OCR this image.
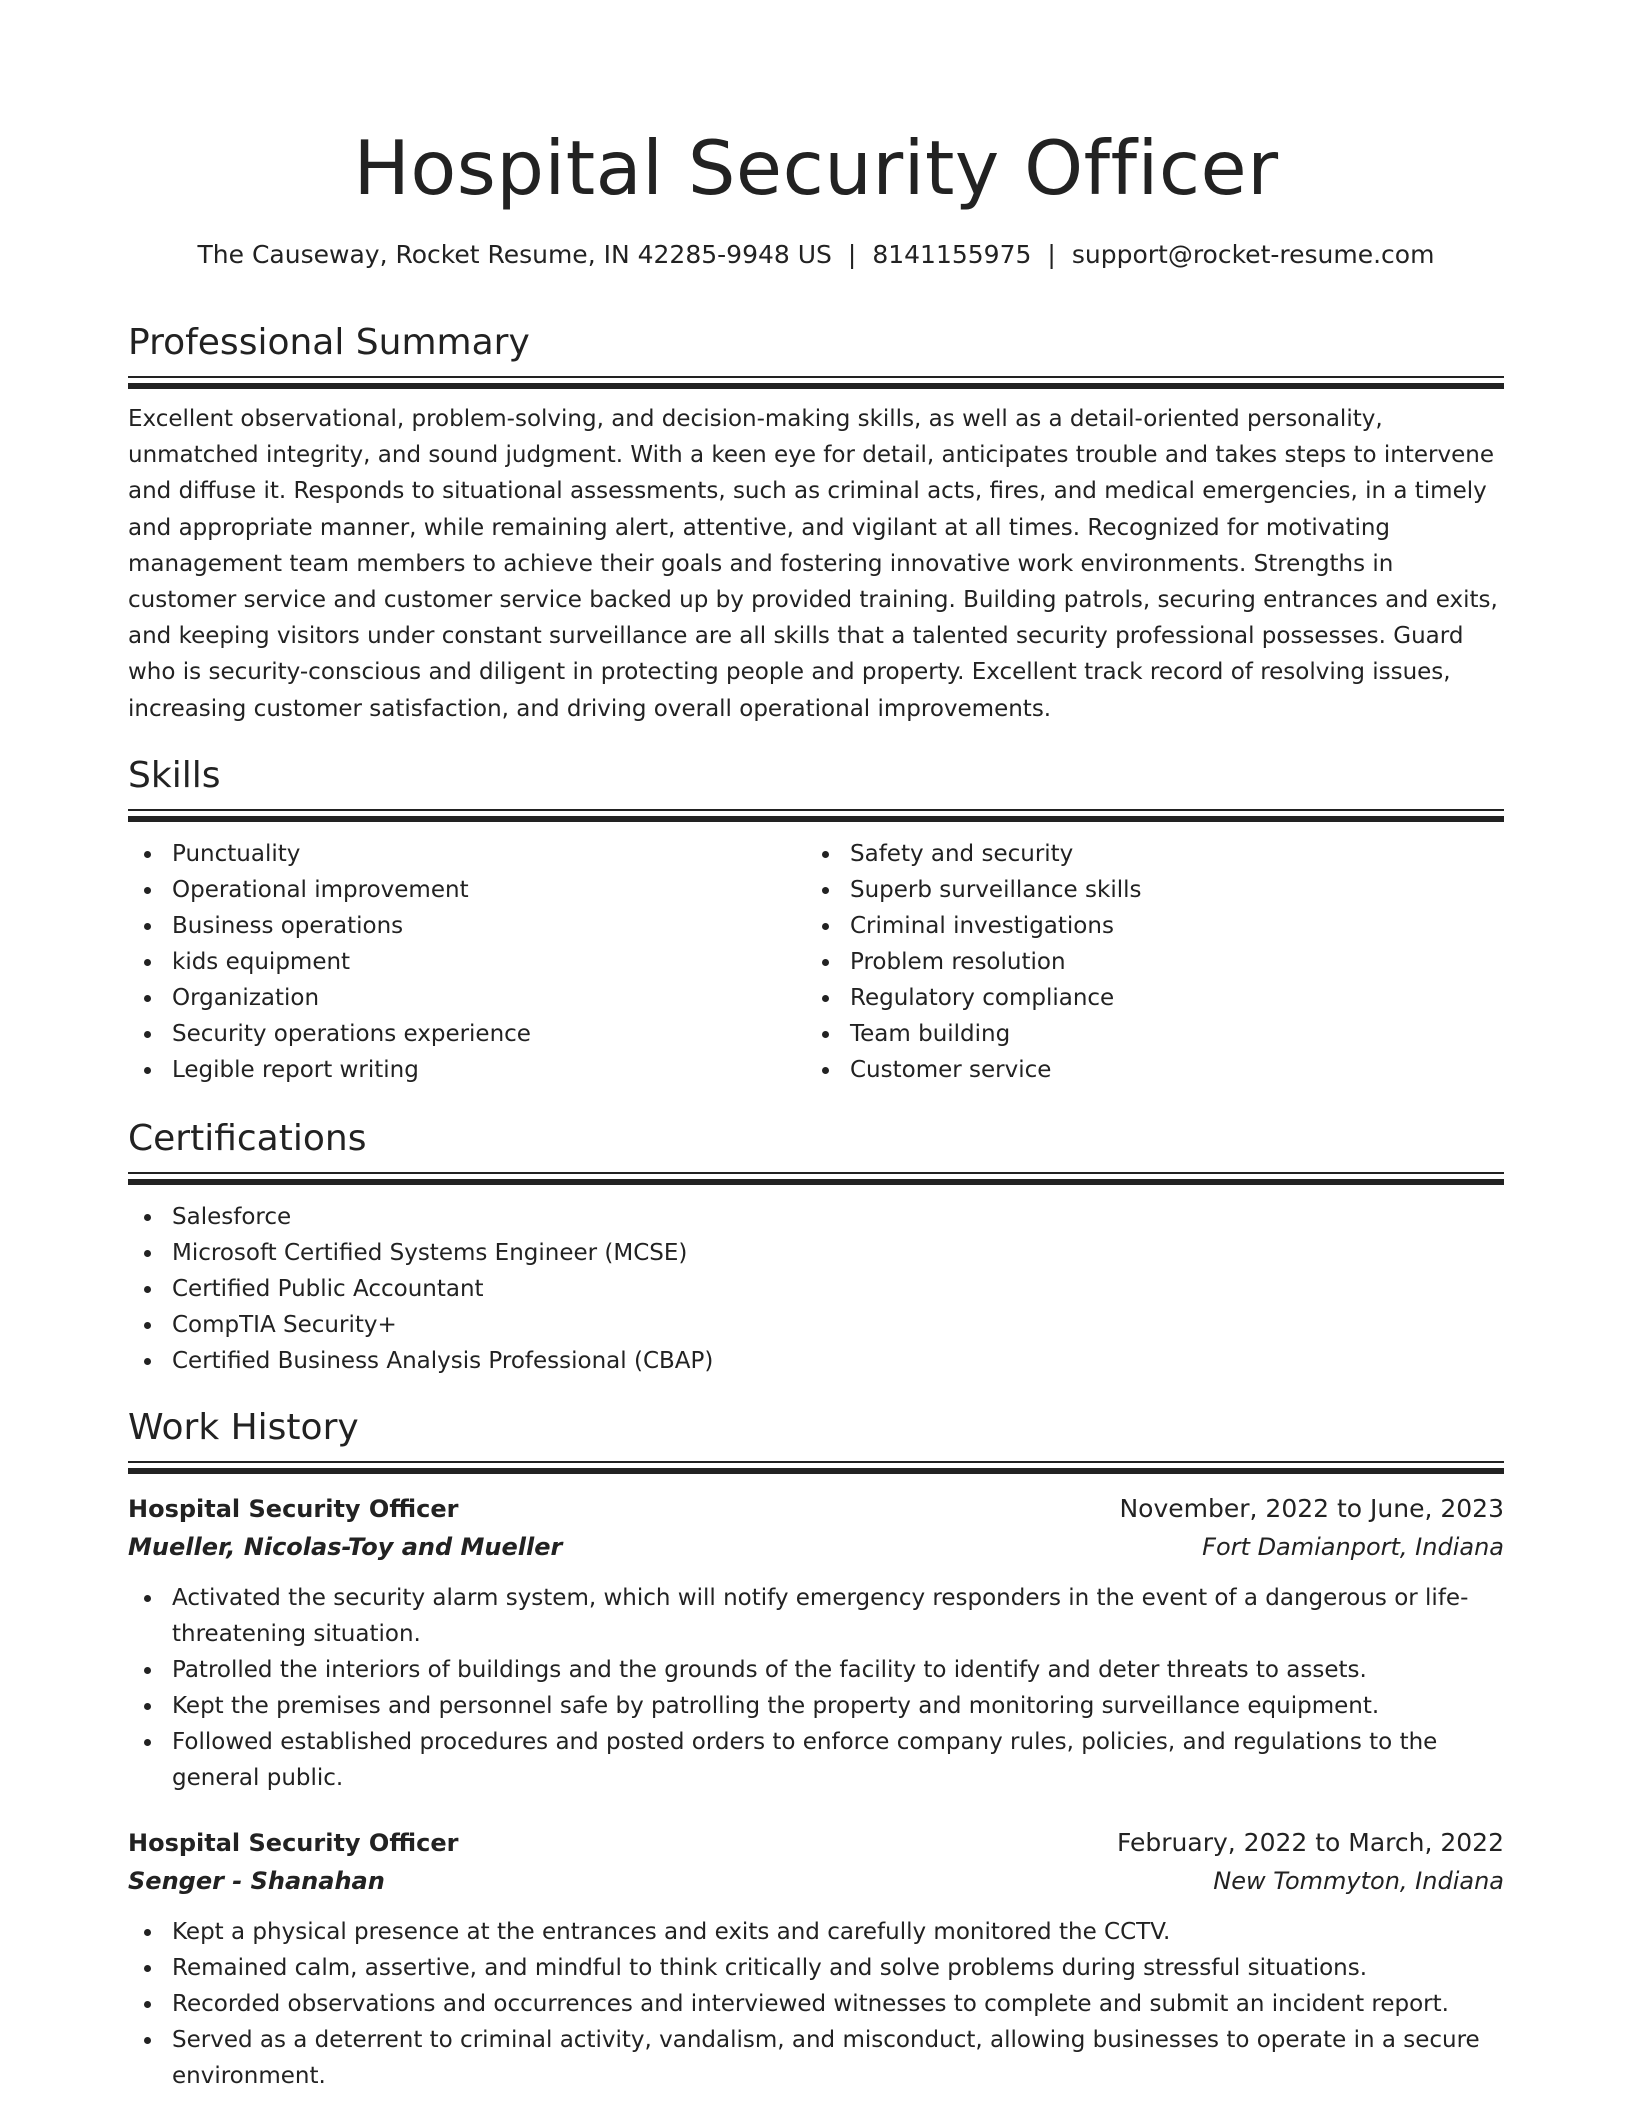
Hospital Security Officer
The Causeway, Rocket Resume, IN 42285-9948 US | 8141155975 | support@rocket-resume.com
Professional Summary

Excellent observational, problem-solving, and decision-making skills, as well as a detail-oriented personality, unmatched integrity, and sound judgment. With a keen eye for detail, anticipates trouble and takes steps to intervene and diffuse it. Responds to situational assessments, such as criminal acts, fires, and medical emergencies, in a timely and appropriate manner, while remaining alert, attentive, and vigilant at all times. Recognized for motivating management team members to achieve their goals and fostering innovative work environments. Strengths in customer service and customer service backed up by provided training. Building patrols, securing entrances and exits, and keeping visitors under constant surveillance are all skills that a talented security professional possesses. Guard who is security-conscious and diligent in protecting people and property. Excellent track record of resolving issues, increasing customer satisfaction, and driving overall operational improvements.

Skills
Punctuality
Operational improvement
Business operations
kids equipment
Organization
Security operations experience
Legible report writing
Safety and security
Superb surveillance skills
Criminal investigations
Problem resolution
Regulatory compliance
Team building
Customer service
Certifications
Salesforce
Microsoft Certified Systems Engineer (MCSE)
Certified Public Accountant
CompTIA Security+
Certified Business Analysis Professional (CBAP)
Work History
Hospital Security Officer	November, 2022 to June, 2023
Mueller, Nicolas-Toy and Mueller	Fort Damianport, Indiana
Activated the security alarm system, which will notify emergency responders in the event of a dangerous or life-threatening situation.
Patrolled the interiors of buildings and the grounds of the facility to identify and deter threats to assets.
Kept the premises and personnel safe by patrolling the property and monitoring surveillance equipment.
Followed established procedures and posted orders to enforce company rules, policies, and regulations to the general public.
Hospital Security Officer	February, 2022 to March, 2022
Senger - Shanahan	New Tommyton, Indiana
Kept a physical presence at the entrances and exits and carefully monitored the CCTV.
Remained calm, assertive, and mindful to think critically and solve problems during stressful situations.
Recorded observations and occurrences and interviewed witnesses to complete and submit an incident report.
Served as a deterrent to criminal activity, vandalism, and misconduct, allowing businesses to operate in a secure environment.
